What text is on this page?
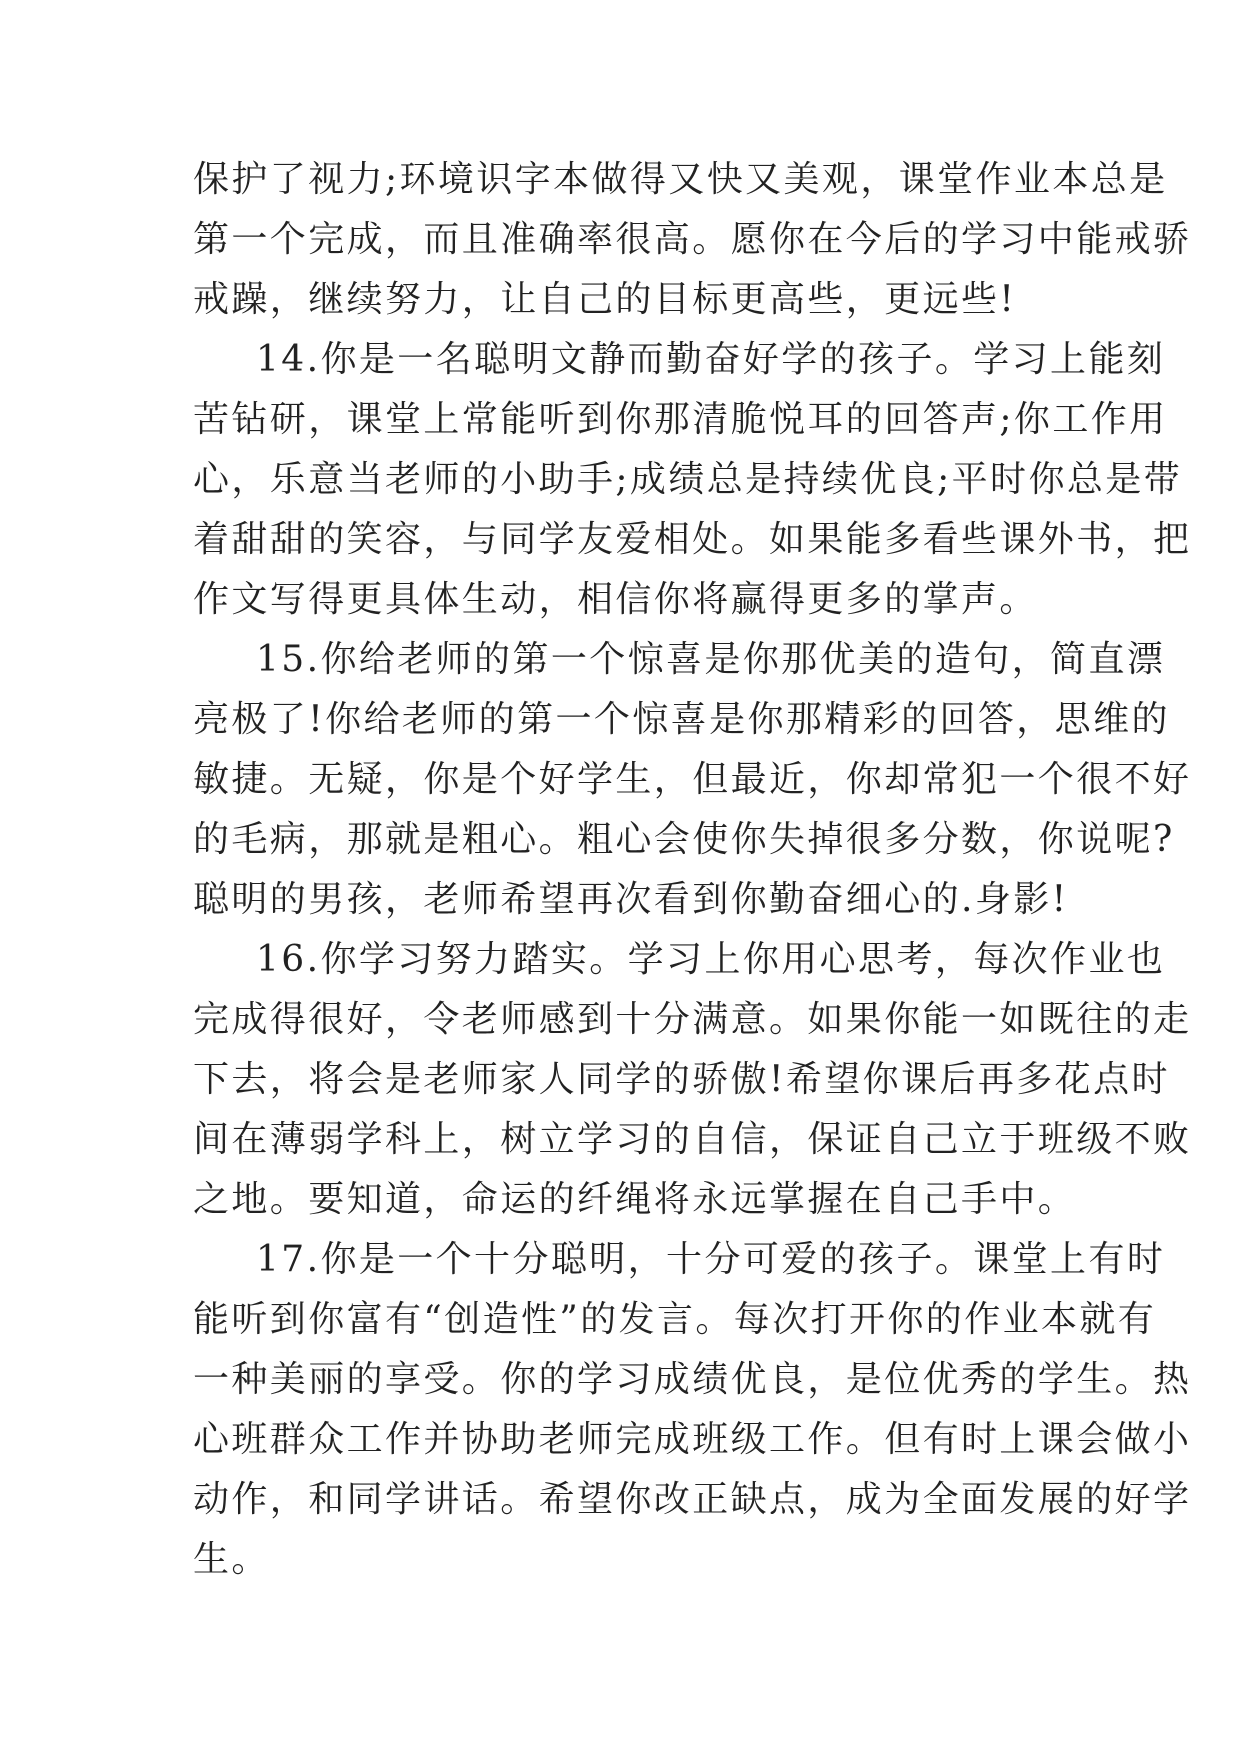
保护了视力;环境识字本做得又快又美观，课堂作业本总是
第一个完成，而且准确率很高。愿你在今后的学习中能戒骄
戒躁，继续努力，让自己的目标更高些，更远些!
14.你是一名聪明文静而勤奋好学的孩子。学习上能刻
苦钻研，课堂上常能听到你那清脆悦耳的回答声;你工作用
心，乐意当老师的小助手;成绩总是持续优良;平时你总是带
着甜甜的笑容，与同学友爱相处。如果能多看些课外书，把
作文写得更具体生动，相信你将赢得更多的掌声。
15.你给老师的第一个惊喜是你那优美的造句，简直漂
亮极了!你给老师的第一个惊喜是你那精彩的回答，思维的
敏捷。无疑，你是个好学生，但最近，你却常犯一个很不好
的毛病，那就是粗心。粗心会使你失掉很多分数，你说呢?
聪明的男孩，老师希望再次看到你勤奋细心的.身影!
16.你学习努力踏实。学习上你用心思考，每次作业也
完成得很好，令老师感到十分满意。如果你能一如既往的走
下去，将会是老师家人同学的骄傲!希望你课后再多花点时
间在薄弱学科上，树立学习的自信，保证自己立于班级不败
之地。要知道，命运的纤绳将永远掌握在自己手中。
17.你是一个十分聪明，十分可爱的孩子。课堂上有时
能听到你富有“创造性”的发言。每次打开你的作业本就有
一种美丽的享受。你的学习成绩优良，是位优秀的学生。热
心班群众工作并协助老师完成班级工作。但有时上课会做小
动作，和同学讲话。希望你改正缺点，成为全面发展的好学
生。
